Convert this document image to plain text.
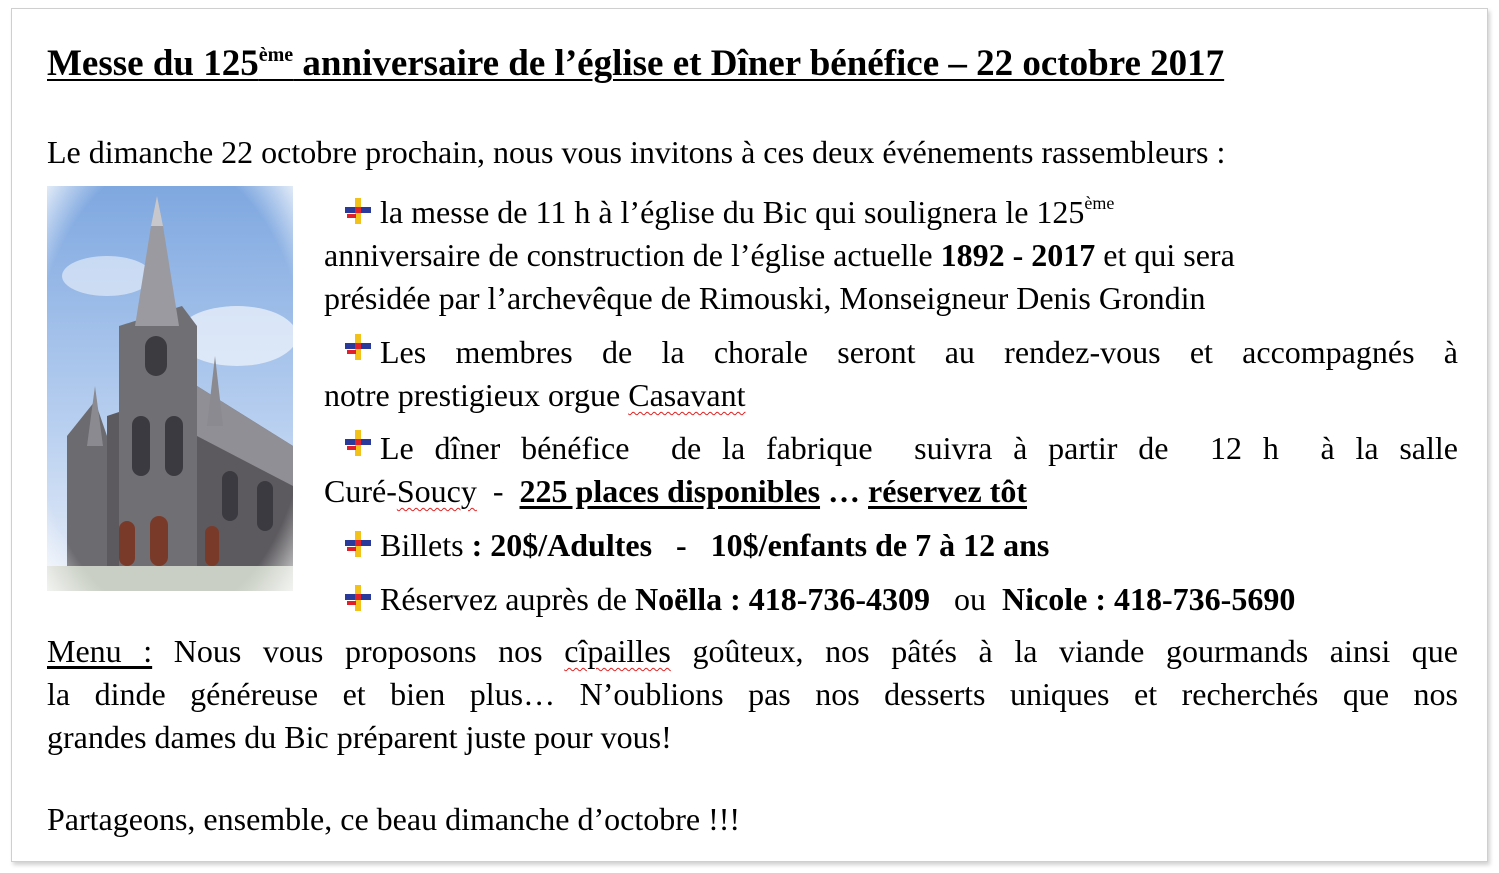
Messe du 125ème anniversaire de l’église et Dîner bénéfice – 22 octobre 2017
Le dimanche 22 octobre prochain, nous vous invitons à ces deux événements rassembleurs :
la messe de 11 h à l’église du Bic qui soulignera le 125ème
anniversaire de construction de l’église actuelle 1892 - 2017 et qui sera
présidée par l’archevêque de Rimouski, Monseigneur Denis Grondin
Les membres de la chorale seront au rendez-vous et accompagnés à
notre prestigieux orgue Casavant
Le dîner bénéfice  de la fabrique  suivra à partir de  12 h  à la salle
Curé-Soucy  -  225 places disponibles … réservez tôt
Billets : 20$/Adultes   -   10$/enfants de 7 à 12 ans
Réservez auprès de Noëlla : 418-736-4309   ou  Nicole : 418-736-5690
Menu : Nous vous proposons nos cîpailles goûteux, nos pâtés à la viande gourmands ainsi que
la dinde généreuse et bien plus… N’oublions pas nos desserts uniques et recherchés que nos
grandes dames du Bic préparent juste pour vous!
Partageons, ensemble, ce beau dimanche d’octobre !!!
